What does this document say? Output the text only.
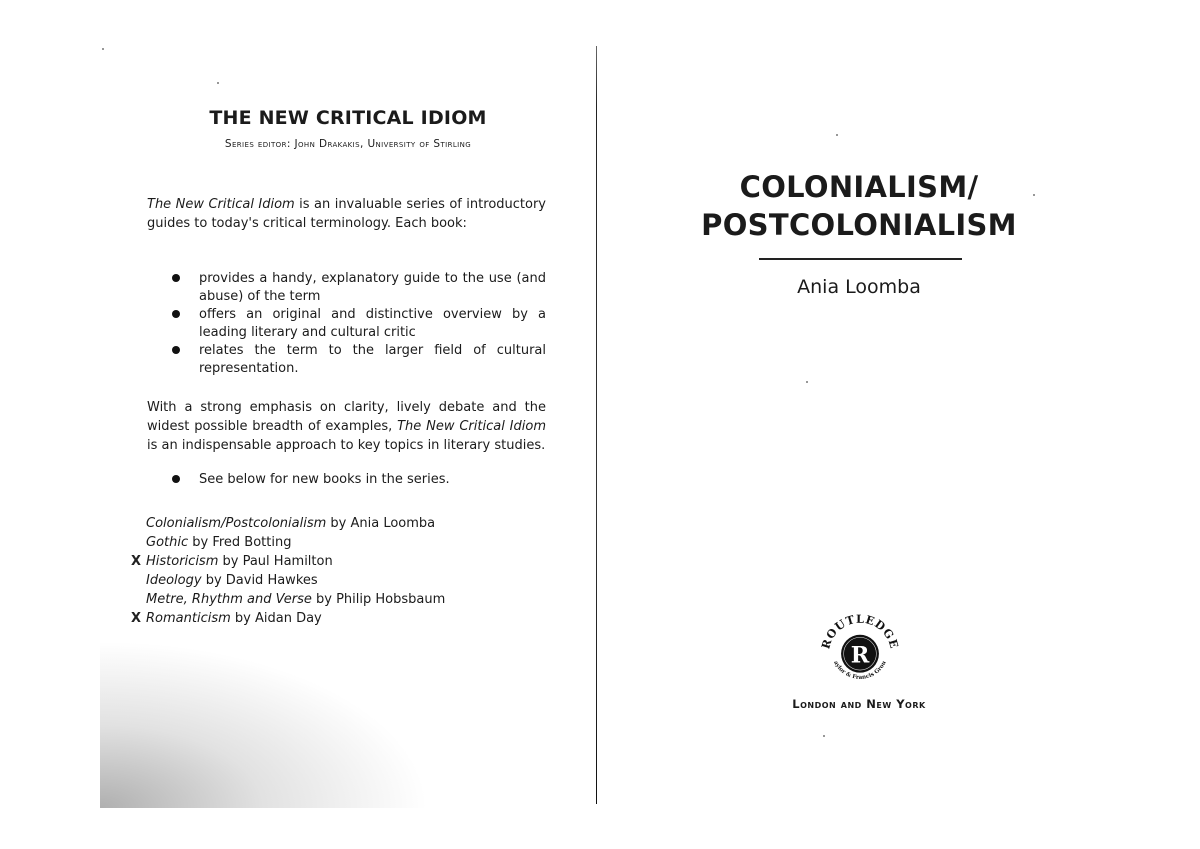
THE NEW CRITICAL IDIOM

Series editor: John Drakakis, University of Stirling

The New Critical Idiom is an invaluable series of introductory guides to today's critical terminology. Each book:

provides a handy, explanatory guide to the use (and abuse) of the term
offers an original and distinctive overview by a leading literary and cultural critic
relates the term to the larger field of cultural representation.

With a strong emphasis on clarity, lively debate and the widest possible breadth of examples, The New Critical Idiom is an indispensable approach to key topics in literary studies.

See below for new books in the series.
Colonialism/Postcolonialism by Ania Loomba
Gothic by Fred Botting
X Historicism by Paul Hamilton
Ideology by David Hawkes
Metre, Rhythm and Verse by Philip Hobsbaum
X Romanticism by Aidan Day
COLONIALISM/
POSTCOLONIALISM

Ania Loomba

R
ROUTLEDGE
aylor & Francis Grou

London and New York
